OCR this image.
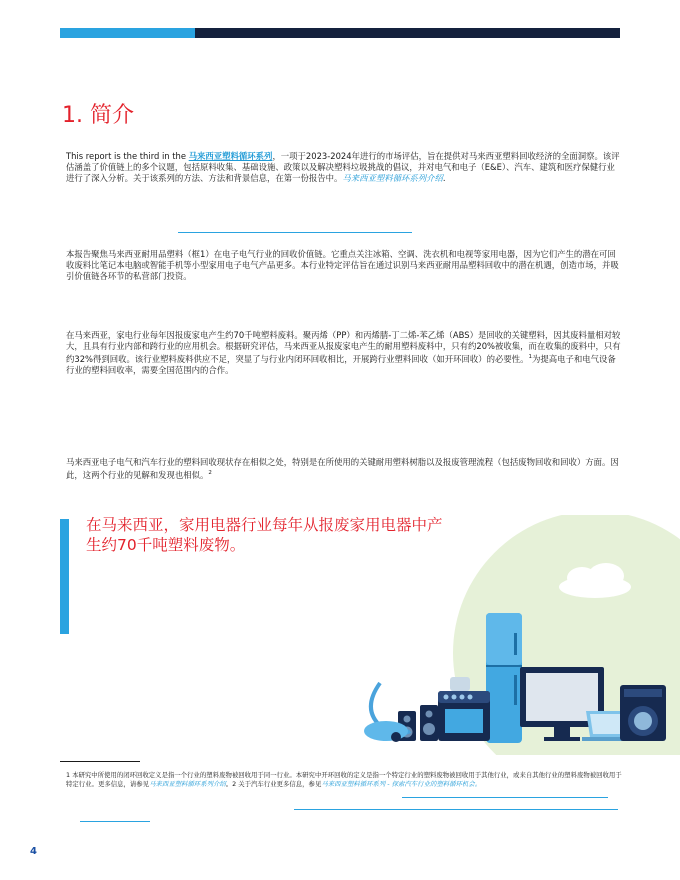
1. 简介

This report is the third in the 马来西亚塑料循环系列，一项于2023-2024年进行的市场评估，旨在提供对马来西亚塑料回收经济的全面洞察。该评估涵盖了价值链上的多个议题，包括原料收集、基础设施、政策以及解决塑料垃圾挑战的倡议，并对电气和电子（E&E）、汽车、建筑和医疗保健行业进行了深入分析。关于该系列的方法、方法和背景信息，在第一份报告中。马来西亚塑料循环系列介绍.

本报告聚焦马来西亚耐用品塑料（框1）在电子电气行业的回收价值链。它重点关注冰箱、空调、洗衣机和电视等家用电器，因为它们产生的潜在可回收废料比笔记本电脑或智能手机等小型家用电子电气产品更多。本行业特定评估旨在通过识别马来西亚耐用品塑料回收中的潜在机遇，创造市场，并吸引价值链各环节的私营部门投资。

在马来西亚，家电行业每年因报废家电产生约70千吨塑料废料。聚丙烯（PP）和丙烯腈-丁二烯-苯乙烯（ABS）是回收的关键塑料，因其废料量相对较大，且具有行业内部和跨行业的应用机会。根据研究评估，马来西亚从报废家电产生的耐用塑料废料中，只有约20%被收集，而在收集的废料中，只有约32%得到回收。该行业塑料废料供应不足，突显了与行业内闭环回收相比，开展跨行业塑料回收（如开环回收）的必要性。$^1$为提高电子和电气设备行业的塑料回收率，需要全国范围内的合作。

马来西亚电子电气和汽车行业的塑料回收现状存在相似之处，特别是在所使用的关键耐用塑料树脂以及报废管理流程（包括废物回收和回收）方面。因此，这两个行业的见解和发现也相似。$^2$

在马来西亚，家用电器行业每年从报废家用电器中产生约70千吨塑料废物。

1 本研究中所使用的闭环回收定义是指一个行业的塑料废物被回收用于同一行业。本研究中开环回收的定义是指一个特定行业的塑料废物被回收用于其他行业，或来自其他行业的塑料废物被回收用于特定行业。更多信息，请参见马来西亚塑料循环系列介绍。2 关于汽车行业更多信息，参见马来西亚塑料循环系列 - 探索汽车行业的塑料循环机会。

4
